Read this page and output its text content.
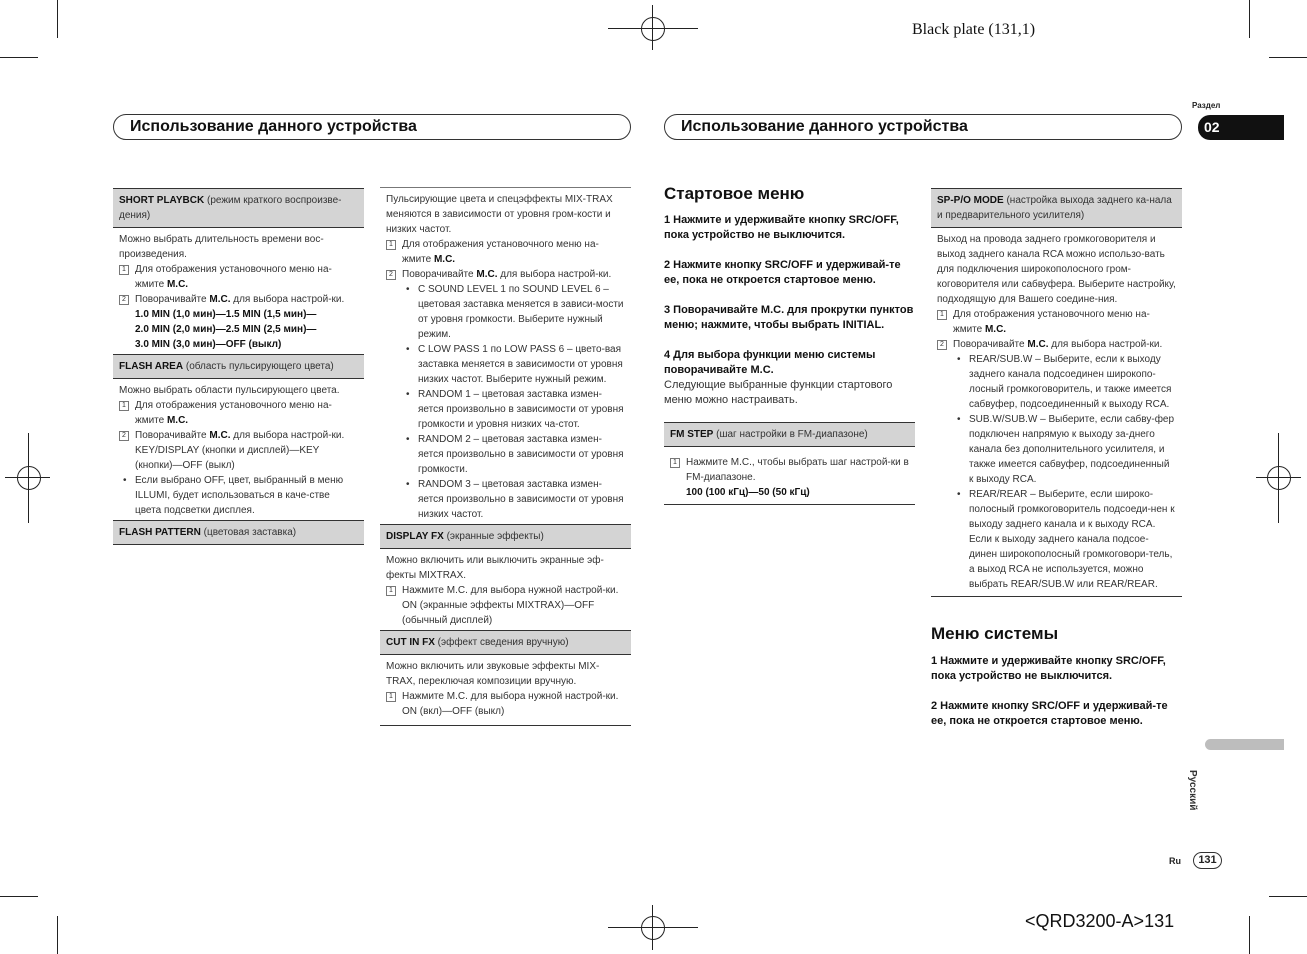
Black plate (131,1)
<QRD3200-A>131
Использование данного устройства	Использование данного устройства
Раздел
02
Русский
Ru	131
SHORT PLAYBCK (режим краткого воспроизве-дения)

Можно выбрать длительность времени вос-произведения.

1 Для отображения установочного меню на-жмите M.C.
2 Поворачивайте M.C. для выбора настрой-ки.
1.0 MIN (1,0 мин)—1.5 MIN (1,5 мин)—
2.0 MIN (2,0 мин)—2.5 MIN (2,5 мин)—
3.0 MIN (3,0 мин)—OFF (выкл)
FLASH AREA (область пульсирующего цвета)

Можно выбрать области пульсирующего цвета.

1 Для отображения установочного меню на-жмите M.C.
2 Поворачивайте M.C. для выбора настрой-ки.
KEY/DISPLAY (кнопки и дисплей)—KEY (кнопки)—OFF (выкл)
• Если выбрано OFF, цвет, выбранный в меню ILLUMI, будет использоваться в каче-стве цвета подсветки дисплея.
FLASH PATTERN (цветовая заставка)

Пульсирующие цвета и спецэффекты MIX-TRAX меняются в зависимости от уровня гром-кости и низких частот.

1 Для отображения установочного меню на-жмите M.C.
2 Поворачивайте M.C. для выбора настрой-ки.
• С SOUND LEVEL 1 по SOUND LEVEL 6 – цветовая заставка меняется в зависи-мости от уровня громкости. Выберите нужный режим.
• С LOW PASS 1 по LOW PASS 6 – цвето-вая заставка меняется в зависимости от уровня низких частот. Выберите нужный режим.
• RANDOM 1 – цветовая заставка измен-яется произвольно в зависимости от уровня громкости и уровня низких ча-стот.
• RANDOM 2 – цветовая заставка измен-яется произвольно в зависимости от уровня громкости.
• RANDOM 3 – цветовая заставка измен-яется произвольно в зависимости от уровня низких частот.
DISPLAY FX (экранные эффекты)

Можно включить или выключить экранные эф-фекты MIXTRAX.

1 Нажмите M.C. для выбора нужной настрой-ки.
ON (экранные эффекты MIXTRAX)—OFF (обычный дисплей)
CUT IN FX (эффект сведения вручную)

Можно включить или звуковые эффекты MIX-TRAX, переключая композиции вручную.

1 Нажмите M.C. для выбора нужной настрой-ки.
ON (вкл)—OFF (выкл)
Стартовое меню
1 Нажмите и удерживайте кнопку SRC/OFF, пока устройство не выключится.
2 Нажмите кнопку SRC/OFF и удерживай-те ее, пока не откроется стартовое меню.
3 Поворачивайте M.C. для прокрутки пунктов меню; нажмите, чтобы выбрать INITIAL.
4 Для выбора функции меню системы поворачивайте M.C.

Следующие выбранные функции стартового меню можно настраивать.

FM STEP (шаг настройки в FM-диапазоне)
1 Нажмите M.C., чтобы выбрать шаг настрой-ки в FM-диапазоне.
100 (100 кГц)—50 (50 кГц)
SP-P/O MODE (настройка выхода заднего ка-нала и предварительного усилителя)

Выход на провода заднего громкоговорителя и выход заднего канала RCA можно использо-вать для подключения широкополосного гром-коговорителя или сабвуфера. Выберите настройку, подходящую для Вашего соедине-ния.

1 Для отображения установочного меню на-жмите M.C.
2 Поворачивайте M.C. для выбора настрой-ки.
• REAR/SUB.W – Выберите, если к выходу заднего канала подсоединен широкопо-лосный громкоговоритель, и также имеется сабвуфер, подсоединенный к выходу RCA.
• SUB.W/SUB.W – Выберите, если сабву-фер подключен напрямую к выходу за-днего канала без дополнительного усилителя, и также имеется сабвуфер, подсоединенный к выходу RCA.
• REAR/REAR – Выберите, если широко-полосный громкоговоритель подсоеди-нен к выходу заднего канала и к выходу RCA.
Если к выходу заднего канала подсое-динен широкополосный громкоговори-тель, а выход RCA не используется, можно выбрать REAR/SUB.W или REAR/REAR.
Меню системы
1 Нажмите и удерживайте кнопку SRC/OFF, пока устройство не выключится.
2 Нажмите кнопку SRC/OFF и удерживай-те ее, пока не откроется стартовое меню.
